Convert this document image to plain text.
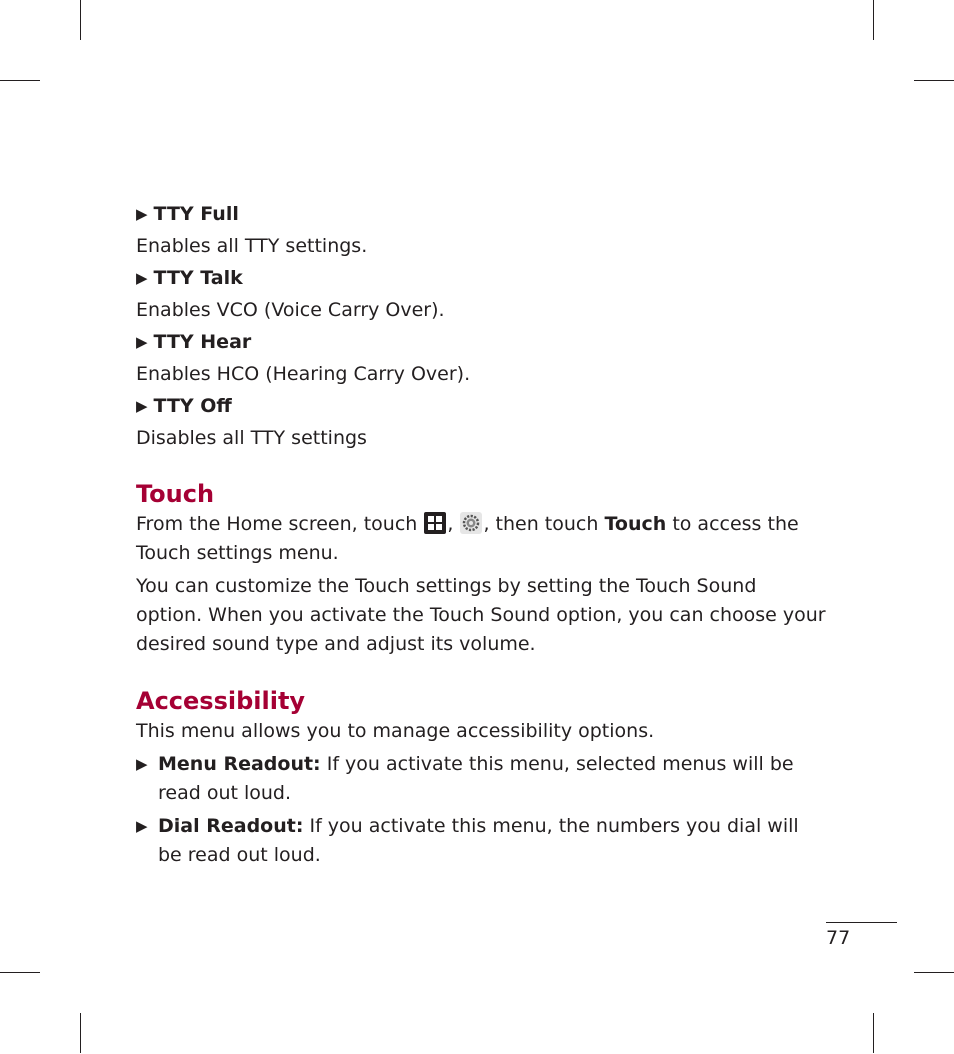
▶ TTY Full

Enables all TTY settings.

▶ TTY Talk

Enables VCO (Voice Carry Over).

▶ TTY Hear

Enables HCO (Hearing Carry Over).

▶ TTY Off

Disables all TTY settings

Touch

From the Home screen, touch , , then touch Touch to access the Touch settings menu.

You can customize the Touch settings by setting the Touch Sound option. When you activate the Touch Sound option, you can choose your desired sound type and adjust its volume.

Accessibility

This menu allows you to manage accessibility options.

▶ Menu Readout: If you activate this menu, selected menus will be read out loud.

▶ Dial Readout: If you activate this menu, the numbers you dial will be read out loud.

77
